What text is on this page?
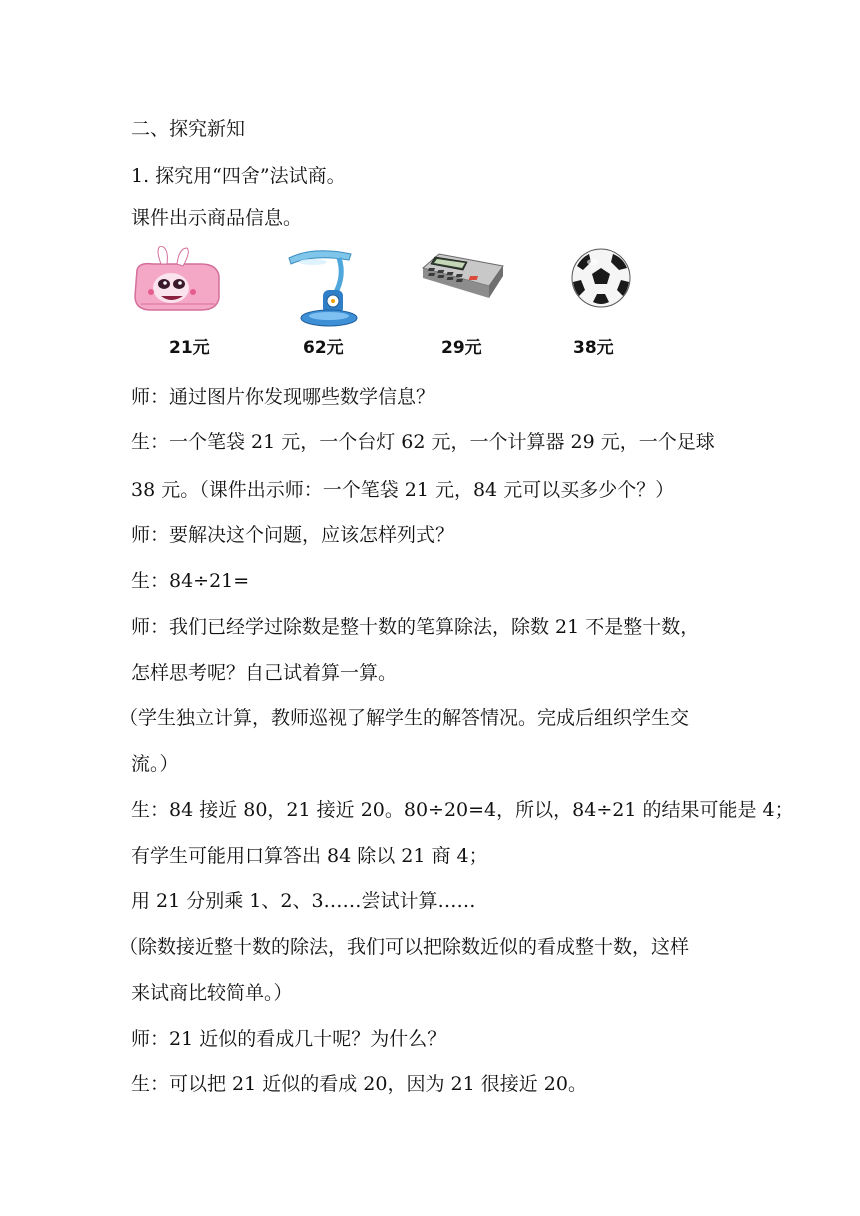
二、探究新知
1. 探究用“四舍”法试商。
课件出示商品信息。
21元	62元	29元	38元
师：通过图片你发现哪些数学信息？
生：一个笔袋 21 元，一个台灯 62 元，一个计算器 29 元，一个足球
38 元。（课件出示师：一个笔袋 21 元，84 元可以买多少个？）
师：要解决这个问题，应该怎样列式？
生：84÷21=
师：我们已经学过除数是整十数的笔算除法，除数 21 不是整十数，
怎样思考呢？自己试着算一算。
（学生独立计算，教师巡视了解学生的解答情况。完成后组织学生交
流。）
生：84 接近 80，21 接近 20。80÷20=4，所以，84÷21 的结果可能是 4；
有学生可能用口算答出 84 除以 21 商 4；
用 21 分别乘 1、2、3……尝试计算……
（除数接近整十数的除法，我们可以把除数近似的看成整十数，这样
来试商比较简单。）
师：21 近似的看成几十呢？为什么？
生：可以把 21 近似的看成 20，因为 21 很接近 20。
